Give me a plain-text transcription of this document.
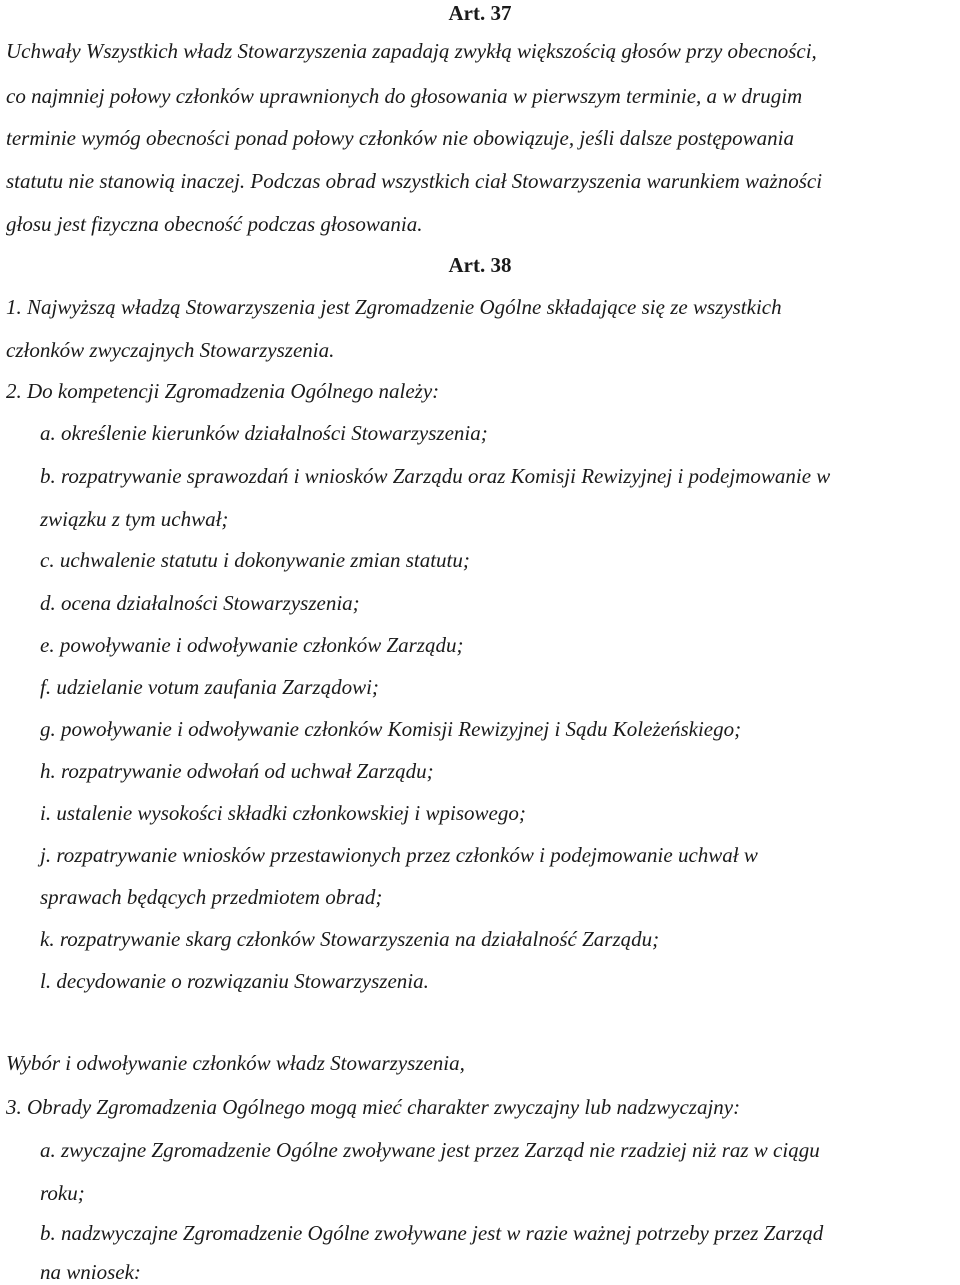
Art. 37
Uchwały Wszystkich władz Stowarzyszenia zapadają zwykłą większością głosów przy obecności,
co najmniej połowy członków uprawnionych do głosowania w pierwszym terminie, a w drugim
terminie wymóg obecności ponad połowy członków nie obowiązuje, jeśli dalsze postępowania
statutu nie stanowią inaczej. Podczas obrad wszystkich ciał Stowarzyszenia warunkiem ważności
głosu jest fizyczna obecność podczas głosowania.
Art. 38
1. Najwyższą władzą Stowarzyszenia jest Zgromadzenie Ogólne składające się ze wszystkich
członków zwyczajnych Stowarzyszenia.
2. Do kompetencji Zgromadzenia Ogólnego należy:
a. określenie kierunków działalności Stowarzyszenia;
b. rozpatrywanie sprawozdań i wniosków Zarządu oraz Komisji Rewizyjnej i podejmowanie w
związku z tym uchwał;
c. uchwalenie statutu i dokonywanie zmian statutu;
d. ocena działalności Stowarzyszenia;
e. powoływanie i odwoływanie członków Zarządu;
f. udzielanie votum zaufania Zarządowi;
g. powoływanie i odwoływanie członków Komisji Rewizyjnej i Sądu Koleżeńskiego;
h. rozpatrywanie odwołań od uchwał Zarządu;
i. ustalenie wysokości składki członkowskiej i wpisowego;
j. rozpatrywanie wniosków przestawionych przez członków i podejmowanie uchwał w
sprawach będących przedmiotem obrad;
k. rozpatrywanie skarg członków Stowarzyszenia na działalność Zarządu;
l. decydowanie o rozwiązaniu Stowarzyszenia.
Wybór i odwoływanie członków władz Stowarzyszenia,
3. Obrady Zgromadzenia Ogólnego mogą mieć charakter zwyczajny lub nadzwyczajny:
a. zwyczajne Zgromadzenie Ogólne zwoływane jest przez Zarząd nie rzadziej niż raz w ciągu
roku;
b. nadzwyczajne Zgromadzenie Ogólne zwoływane jest w razie ważnej potrzeby przez Zarząd
na wniosek:
